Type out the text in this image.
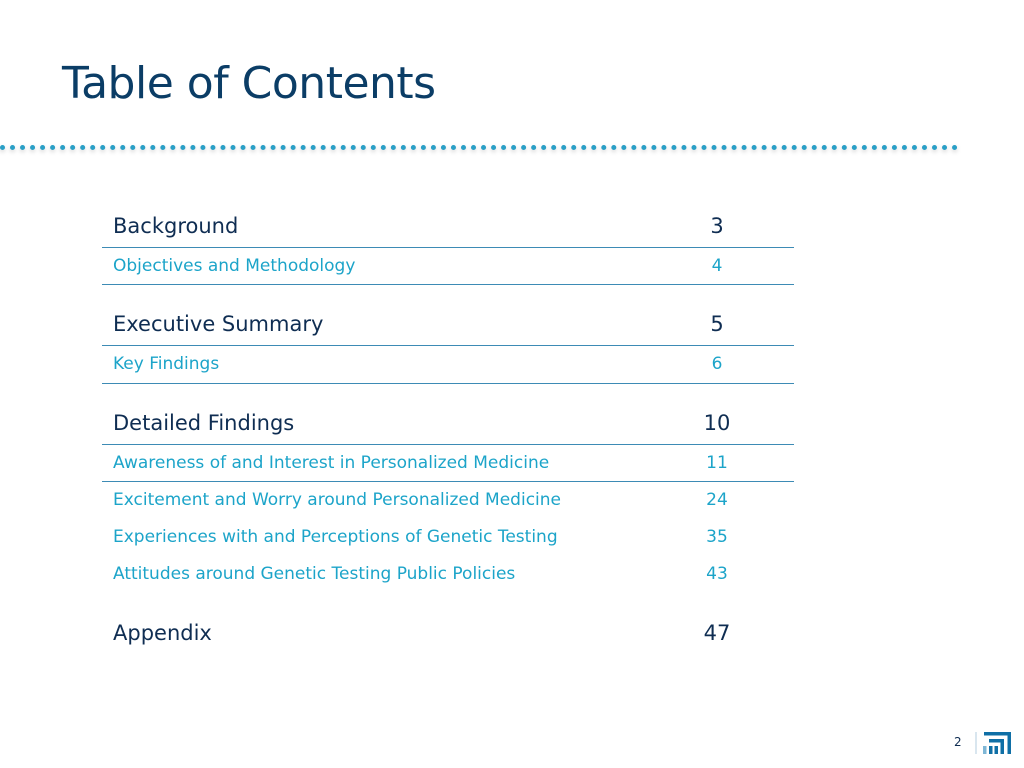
Table of Contents
Background	3
Objectives and Methodology	4
Executive Summary	5
Key Findings	6
Detailed Findings	10
Awareness of and Interest in Personalized Medicine	11
Excitement and Worry around Personalized Medicine	24
Experiences with and Perceptions of Genetic Testing	35
Attitudes around Genetic Testing Public Policies	43
Appendix	47
2
